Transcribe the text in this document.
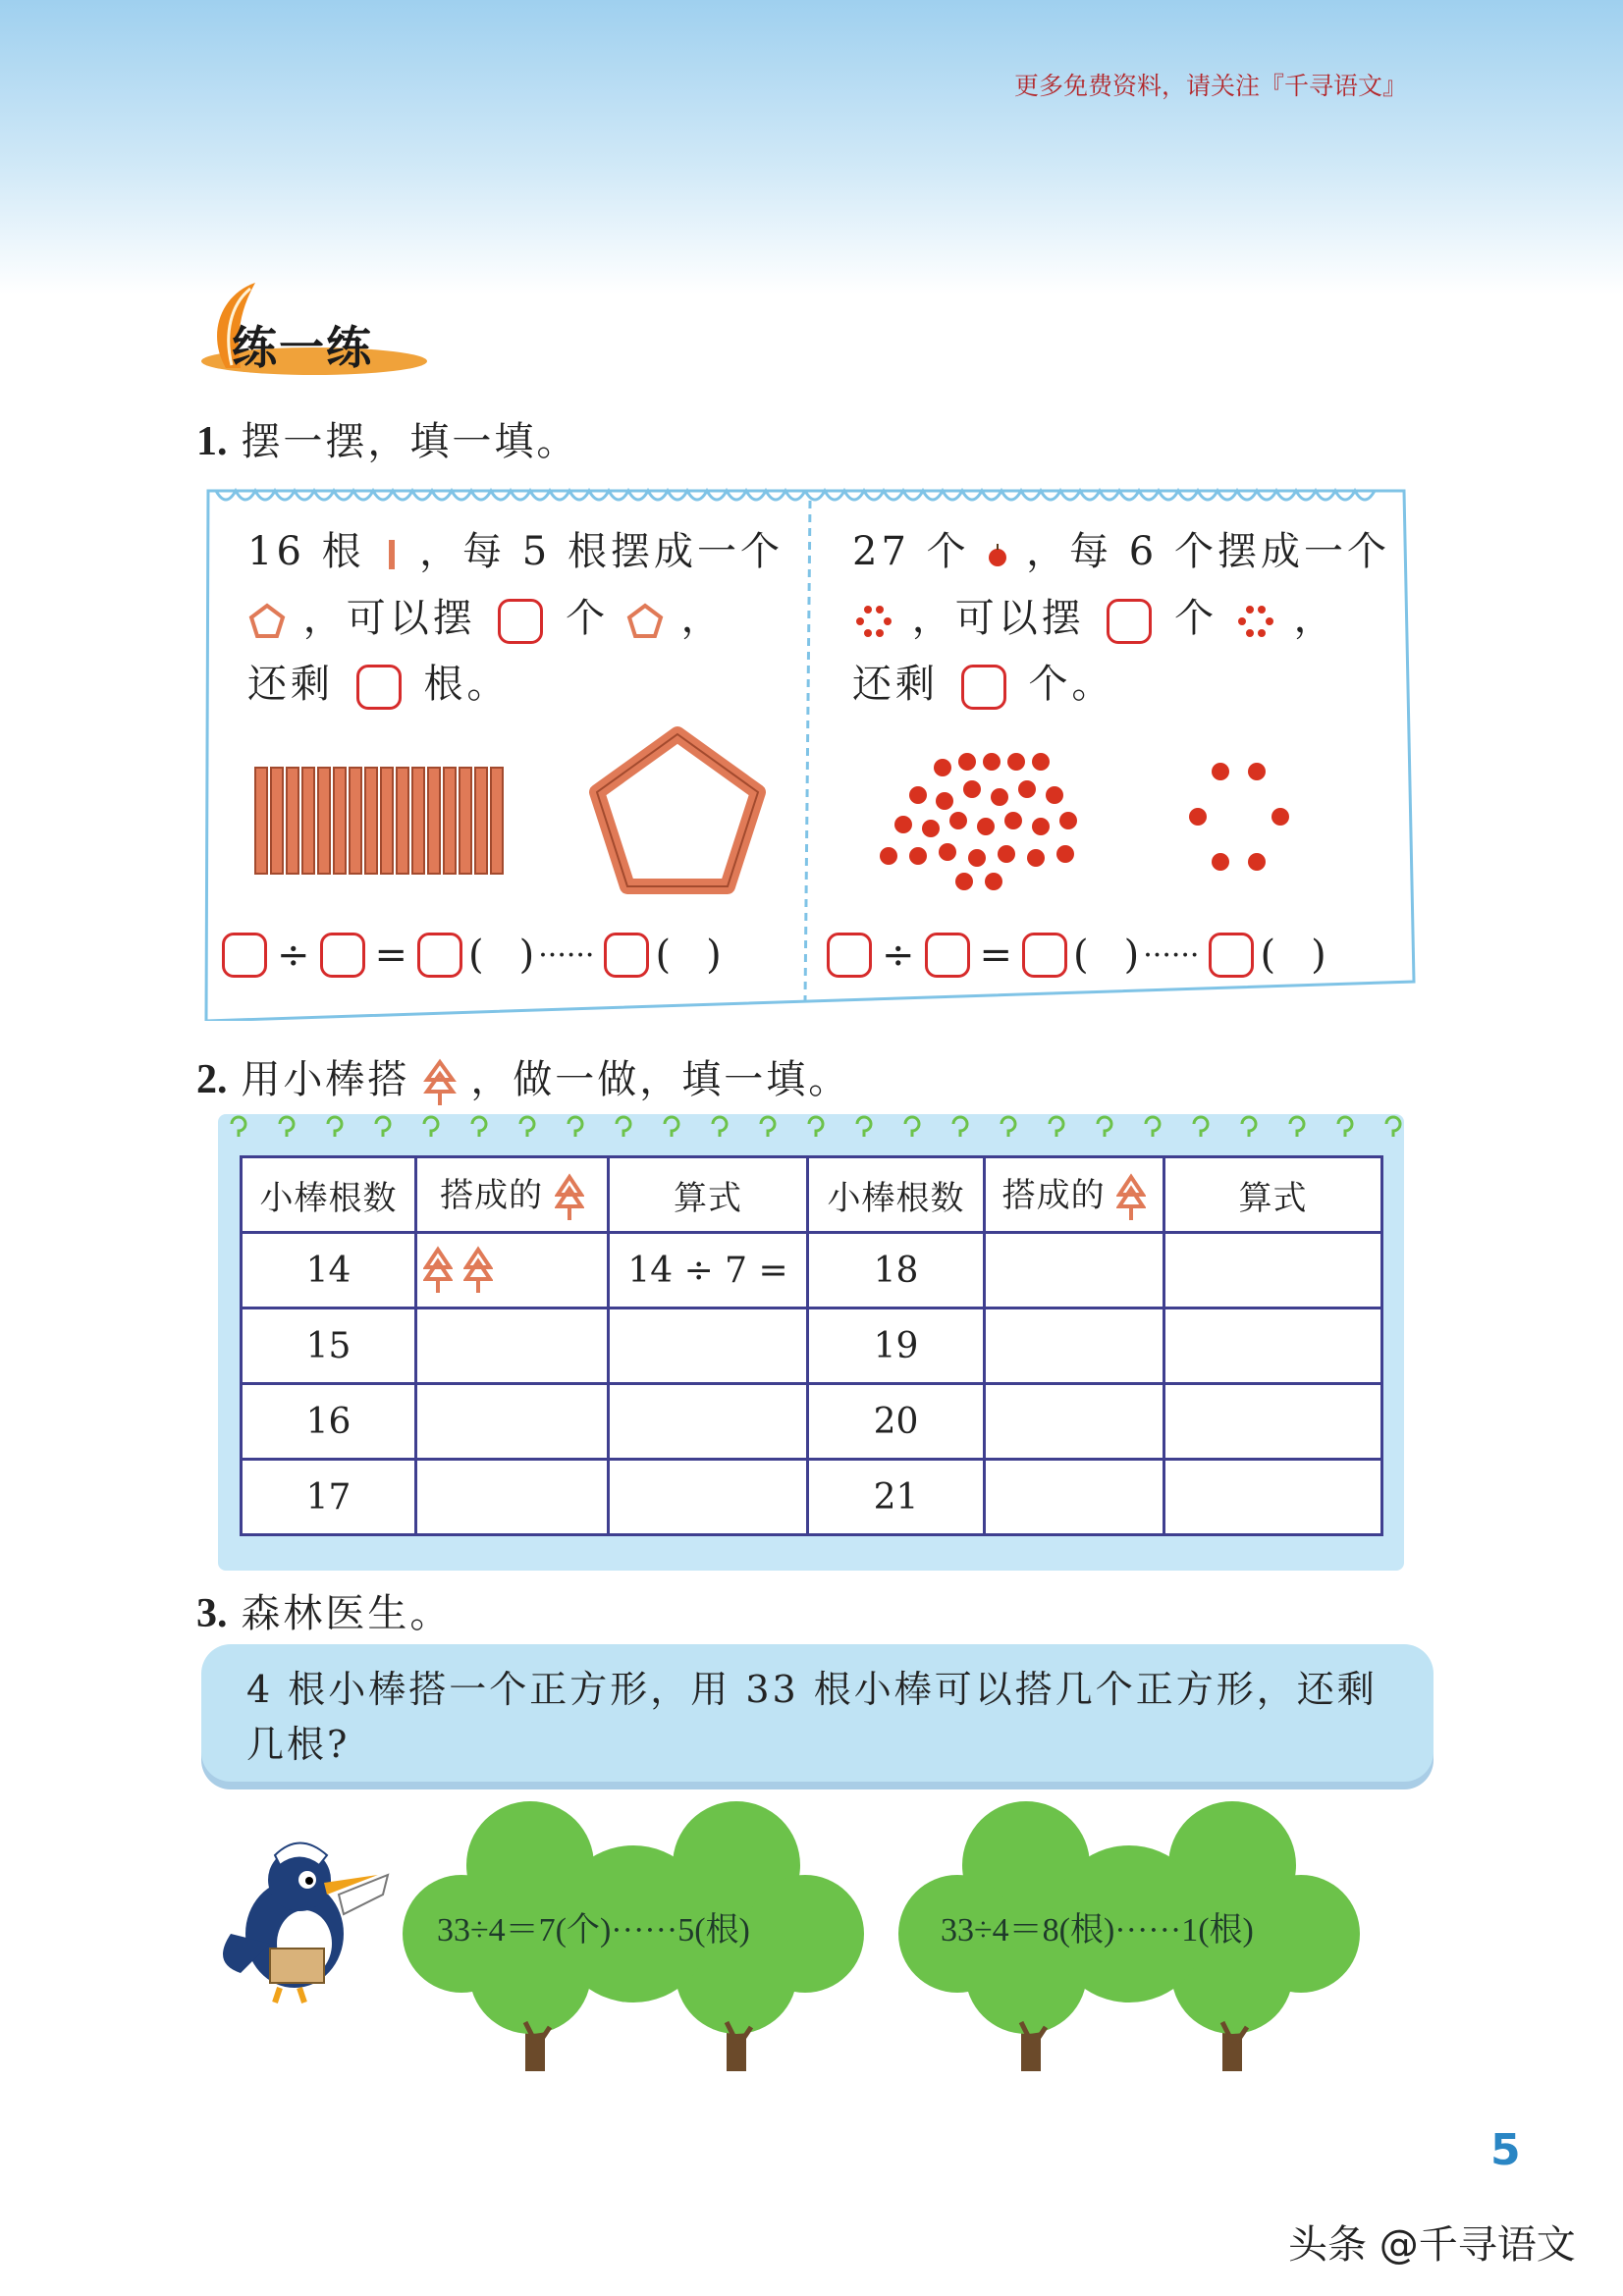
更多免费资料，请关注『千寻语文』
练一练
1. 摆一摆，填一填。
16 根 ，每 5 根摆成一个
，可以摆 个 ，
还剩 根。
27 个 ，每 6 个摆成一个
，可以摆 个 ，
还剩 个。
÷ = ( ) ······ ( )	÷ = ( ) ······ ( )
2. 用小棒搭 ，做一做，填一填。
小棒根数	搭成的	算式	小棒根数	搭成的	算式
14		14 ÷ 7 =	18		
15			19		
16			20		
17			21		
3. 森林医生。
4 根小棒搭一个正方形，用 33 根小棒可以搭几个正方形，还剩几根?
33÷4＝7(个)······5(根)	33÷4＝8(根)······1(根)
5
头条 @千寻语文
